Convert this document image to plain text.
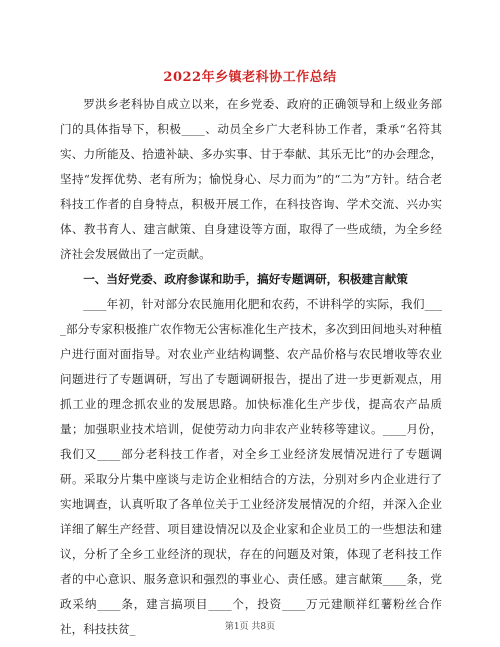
2022年乡镇老科协工作总结

罗洪乡老科协自成立以来，在乡党委、政府的正确领导和上级业务部门的具体指导下，积极____、动员全乡广大老科协工作者，秉承“名符其实、力所能及、拾遗补缺、多办实事、甘于奉献、其乐无比”的办会理念，坚持“发挥优势、老有所为；愉悦身心、尽力而为”的“二为”方针。结合老科技工作者的自身特点，积极开展工作，在科技咨询、学术交流、兴办实体、教书育人、建言献策、自身建设等方面，取得了一些成绩，为全乡经济社会发展做出了一定贡献。

一、当好党委、政府参谋和助手，搞好专题调研，积极建言献策

____年初，针对部分农民施用化肥和农药，不讲科学的实际，我们____部分专家积极推广农作物无公害标准化生产技术，多次到田间地头对种植户进行面对面指导。对农业产业结构调整、农产品价格与农民增收等农业问题进行了专题调研，写出了专题调研报告，提出了进一步更新观点，用抓工业的理念抓农业的发展思路。加快标准化生产步伐，提高农产品质量；加强职业技术培训，促使劳动力向非农产业转移等建议。____月份，我们又____部分老科技工作者，对全乡工业经济发展情况进行了专题调研。采取分片集中座谈与走访企业相结合的方法，分别对乡内企业进行了实地调查，认真听取了各单位关于工业经济发展情况的介绍，并深入企业详细了解生产经营、项目建设情况以及企业家和企业员工的一些想法和建议，分析了全乡工业经济的现状，存在的问题及对策，体现了老科技工作者的中心意识、服务意识和强烈的事业心、责任感。建言献策____条，党政采纳____条，建言搞项目____个，投资____万元建顺祥红薯粉丝合作社，科技扶贫_	第1页 共8页
